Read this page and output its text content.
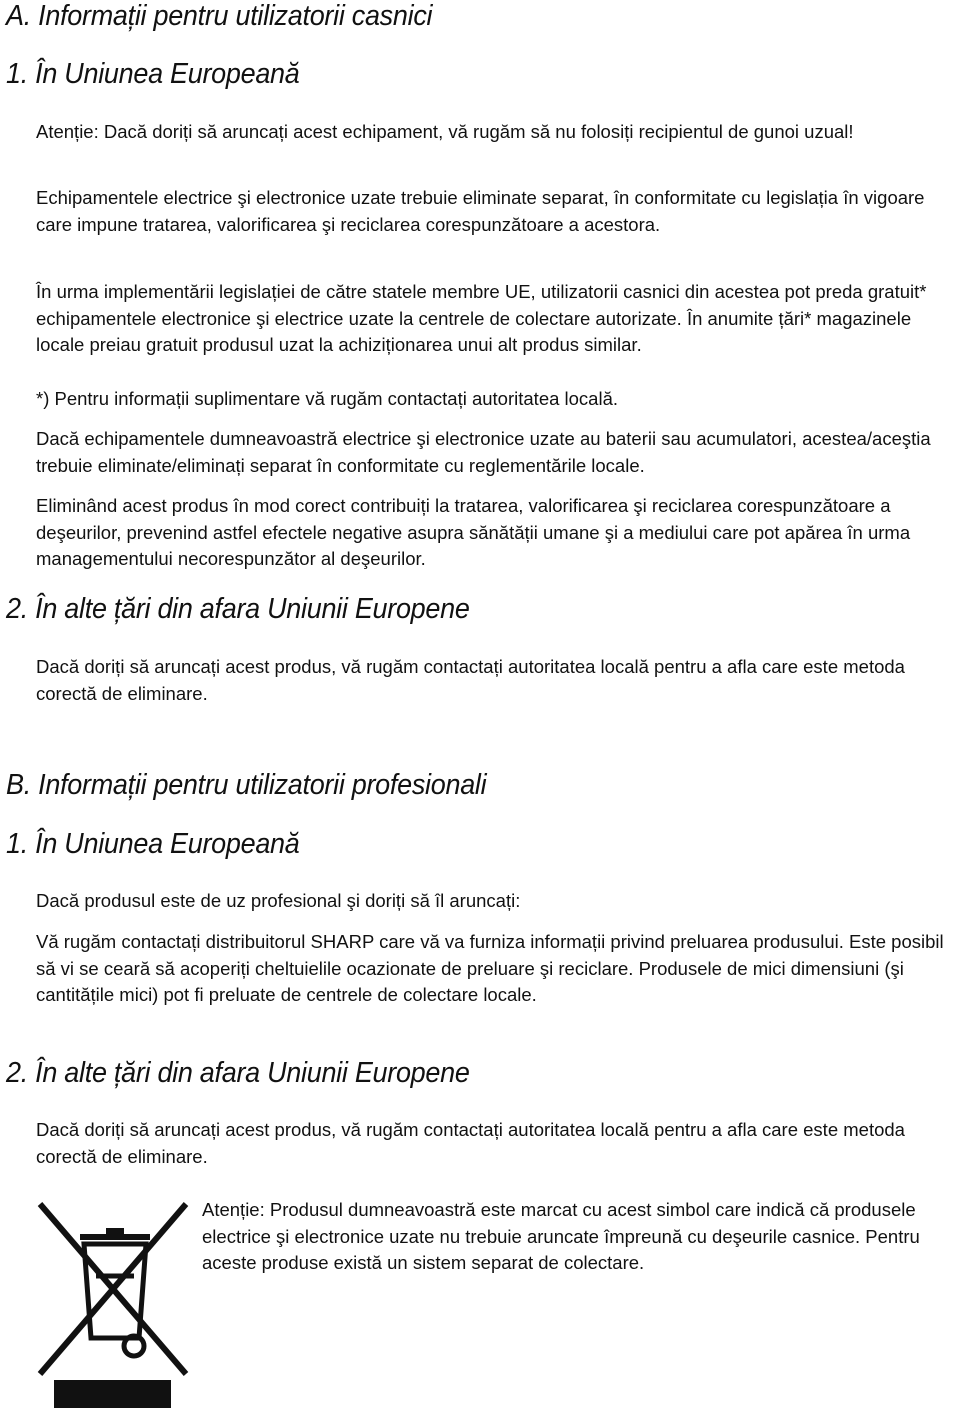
A. Informații pentru utilizatorii casnici
1. În Uniunea Europeană

Atenție: Dacă doriți să aruncați acest echipament, vă rugăm să nu folosiți recipientul de gunoi uzual!

Echipamentele electrice şi electronice uzate trebuie eliminate separat, în conformitate cu legislația în vigoare care impune tratarea, valorificarea şi reciclarea corespunzătoare a acestora.

În urma implementării legislației de către statele membre UE, utilizatorii casnici din acestea pot preda gratuit* echipamentele electronice şi electrice uzate la centrele de colectare autorizate. În anumite țări* magazinele locale preiau gratuit produsul uzat la achiziționarea unui alt produs similar.

*) Pentru informații suplimentare vă rugăm contactați autoritatea locală.

Dacă echipamentele dumneavoastră electrice şi electronice uzate au baterii sau acumulatori, acestea/aceştia trebuie eliminate/eliminați separat în conformitate cu reglementările locale.

Eliminând acest produs în mod corect contribuiți la tratarea, valorificarea şi reciclarea corespunzătoare a deşeurilor, prevenind astfel efectele negative asupra sănătății umane şi a mediului care pot apărea în urma managementului necorespunzător al deşeurilor.

2. În alte țări din afara Uniunii Europene

Dacă doriți să aruncați acest produs, vă rugăm contactați autoritatea locală pentru a afla care este metoda corectă de eliminare.

B. Informații pentru utilizatorii profesionali
1. În Uniunea Europeană

Dacă produsul este de uz profesional şi doriți să îl aruncați:

Vă rugăm contactați distribuitorul SHARP care vă va furniza informații privind preluarea produsului. Este posibil să vi se ceară să acoperiți cheltuielile ocazionate de preluare şi reciclare. Produsele de mici dimensiuni (şi cantitățile mici) pot fi preluate de centrele de colectare locale.

2. În alte țări din afara Uniunii Europene

Dacă doriți să aruncați acest produs, vă rugăm contactați autoritatea locală pentru a afla care este metoda corectă de eliminare.

Atenție: Produsul dumneavoastră este marcat cu acest simbol care indică că produsele electrice şi electronice uzate nu trebuie aruncate împreună cu deşeurile casnice. Pentru aceste produse există un sistem separat de colectare.
